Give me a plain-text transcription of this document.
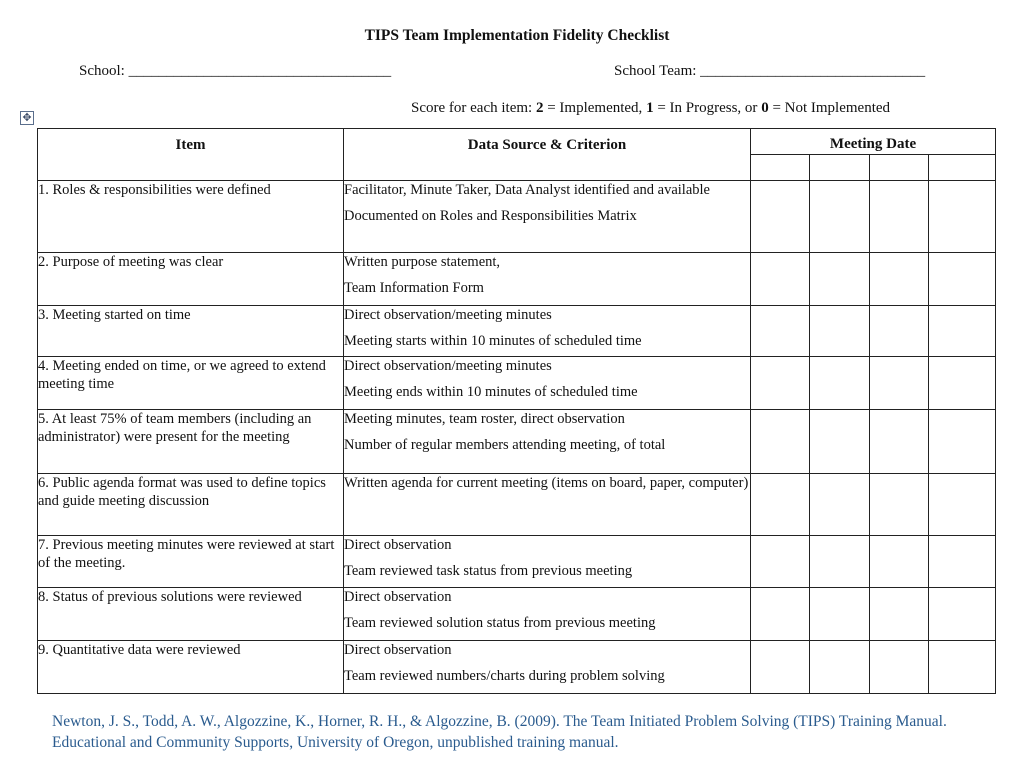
TIPS Team Implementation Fidelity Checklist
School: ___________________________________	School Team: ______________________________
Score for each item: 2 = Implemented, 1 = In Progress, or 0 = Not Implemented
✥
Item	Data Source & Criterion	Meeting Date			

1. Roles & responsibilities were defined	Facilitator, Minute Taker, Data Analyst identified and available
Documented on Roles and Responsibilities Matrix				

2. Purpose of meeting was clear	Written purpose statement,
Team Information Form				

3. Meeting started on time	Direct observation/meeting minutes
Meeting starts within 10 minutes of scheduled time				

4. Meeting ended on time, or we agreed to extend meeting time	Direct observation/meeting minutes
Meeting ends within 10 minutes of scheduled time				

5. At least 75% of team members (including an administrator) were present for the meeting	Meeting minutes, team roster, direct observation
Number of regular members attending meeting, of total				

6. Public agenda format was used to define topics and guide meeting discussion	Written agenda for current meeting (items on board, paper, computer)				

7. Previous meeting minutes were reviewed at start of the meeting.	Direct observation
Team reviewed task status from previous meeting				

8. Status of previous solutions were reviewed	Direct observation
Team reviewed solution status from previous meeting				

9. Quantitative data were reviewed	Direct observation
Team reviewed numbers/charts during problem solving				

Newton, J. S., Todd, A. W., Algozzine, K., Horner, R. H., & Algozzine, B. (2009). The Team Initiated Problem Solving (TIPS) Training Manual. Educational and Community Supports, University of Oregon, unpublished training manual.
